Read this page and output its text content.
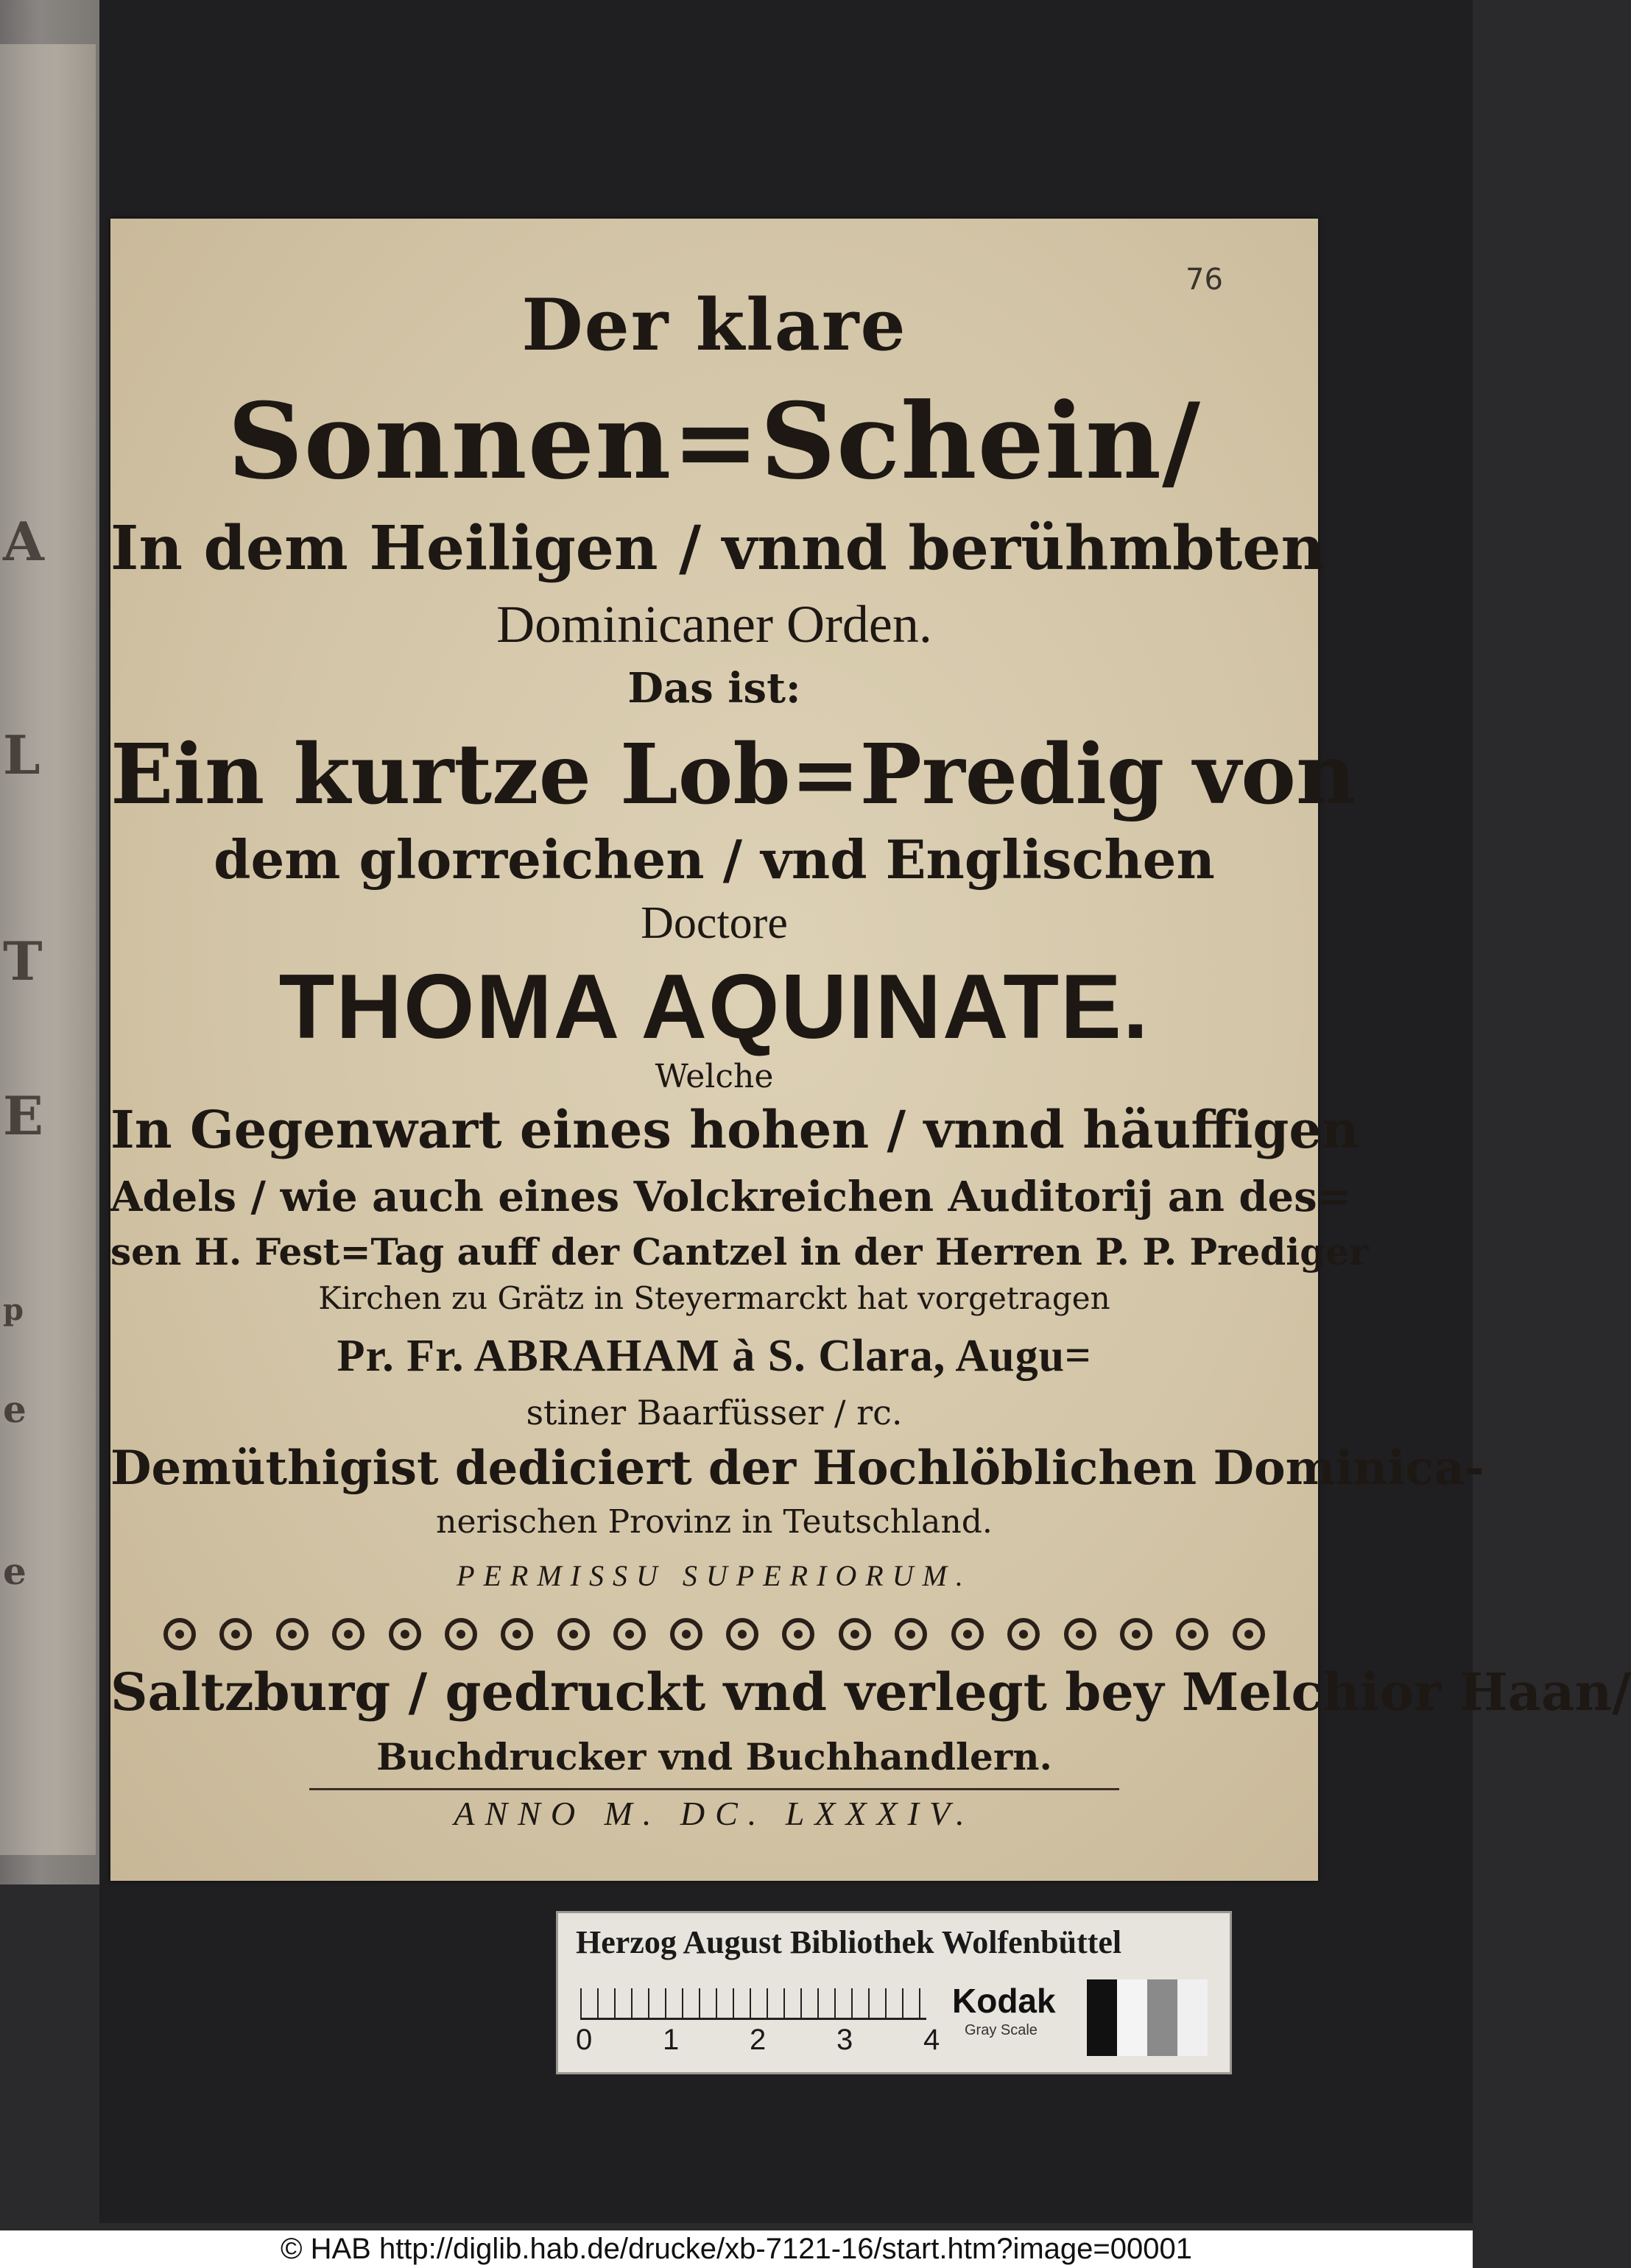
A
L
T
E
p
e
e
76

Der klare

Sonnen=Schein/

In dem Heiligen / vnnd berühmbten

Dominicaner Orden.

Das ist:

Ein kurtze Lob=Predig von

dem glorreichen / vnd Englischen

Doctore

THOMA AQUINATE.

Welche

In Gegenwart eines hohen / vnnd häuffigen

Adels / wie auch eines Volckreichen Auditorij an des=

sen H. Fest=Tag auff der Cantzel in der Herren P. P. Prediger

Kirchen zu Grätz in Steyermarckt hat vorgetragen

Pr. Fr. ABRAHAM à S. Clara, Augu=

stiner Baarfüsser / rc.

Demüthigist dediciert der Hochlöblichen Dominica-

nerischen Provinz in Teutschland.

PERMISSU SUPERIORUM.

Saltzburg / gedruckt vnd verlegt bey Melchior Haan/

Buchdrucker vnd Buchhandlern.

ANNO M. DC. LXXXIV.

Herzog August Bibliothek Wolfenbüttel
0 1 2 3 4
Kodak
Gray Scale
© HAB http://diglib.hab.de/drucke/xb-7121-16/start.htm?image=00001
